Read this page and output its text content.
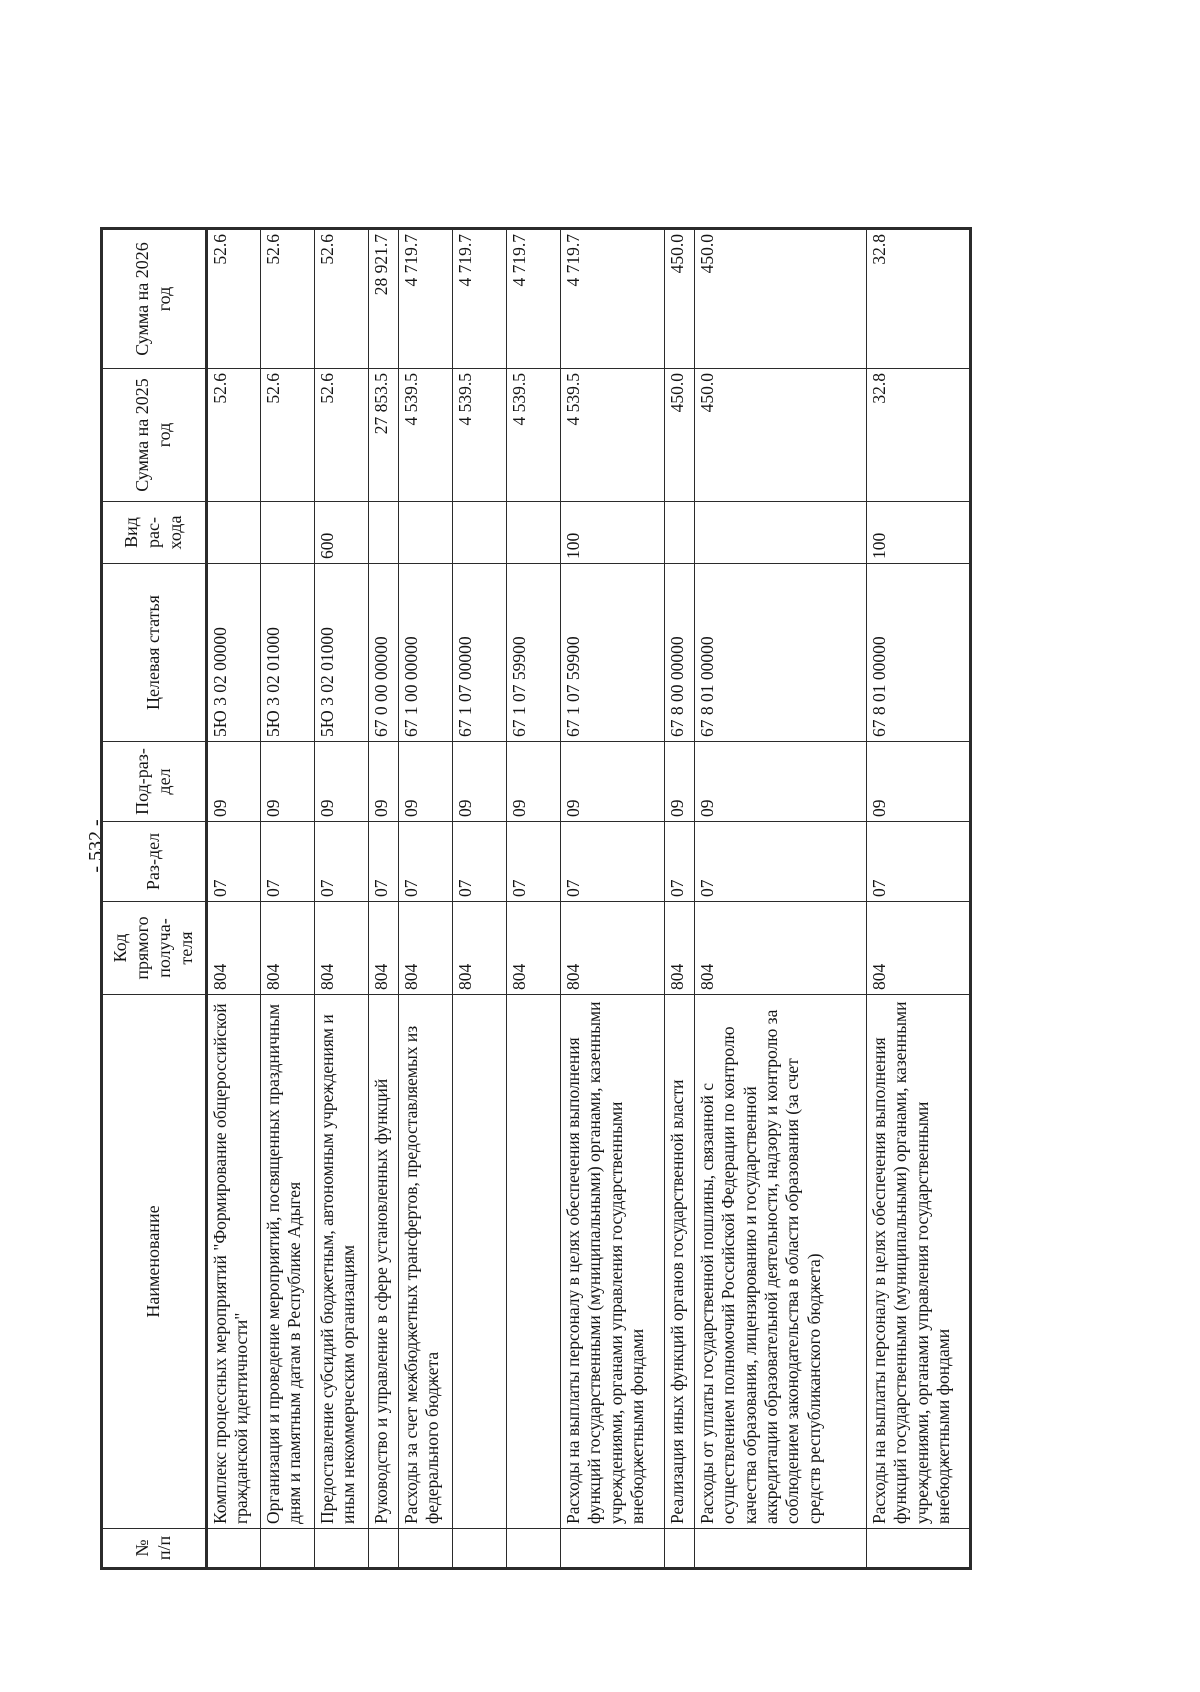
- 532 -
№ п/п	Наименование	Код прямого получа-теля	Раз-дел	Под-раз-дел	Целевая статья	Вид рас-хода	Сумма на 2025 год	Сумма на 2026 год
	Комплекс процессных мероприятий "Формирование общероссийской гражданской идентичности"	804	07	09	5Ю 3 02 00000		52.6	52.6
	Организация и проведение мероприятий, посвященных праздничным дням и памятным датам в Республике Адыгея	804	07	09	5Ю 3 02 01000		52.6	52.6
	Предоставление субсидий бюджетным, автономным учреждениям и иным некоммерческим организациям	804	07	09	5Ю 3 02 01000	600	52.6	52.6
	Руководство и управление в сфере установленных функций	804	07	09	67 0 00 00000		27 853.5	28 921.7
	Расходы за счет межбюджетных трансфертов, предоставляемых из федерального бюджета	804	07	09	67 1 00 00000		4 539.5	4 719.7
		804	07	09	67 1 07 00000		4 539.5	4 719.7
		804	07	09	67 1 07 59900		4 539.5	4 719.7
	Расходы на выплаты персоналу в целях обеспечения выполнения функций государственными (муниципальными) органами, казенными учреждениями, органами управления государственными внебюджетными фондами	804	07	09	67 1 07 59900	100	4 539.5	4 719.7
	Реализация иных функций органов государственной власти	804	07	09	67 8 00 00000		450.0	450.0
	Расходы от уплаты государственной пошлины, связанной с осуществлением полномочий Российской Федерации по контролю качества образования, лицензированию и государственной аккредитации образовательной деятельности, надзору и контролю за соблюдением законодательства в области образования (за счет средств республиканского бюджета)	804	07	09	67 8 01 00000		450.0	450.0
	Расходы на выплаты персоналу в целях обеспечения выполнения функций государственными (муниципальными) органами, казенными учреждениями, органами управления государственными внебюджетными фондами	804	07	09	67 8 01 00000	100	32.8	32.8
